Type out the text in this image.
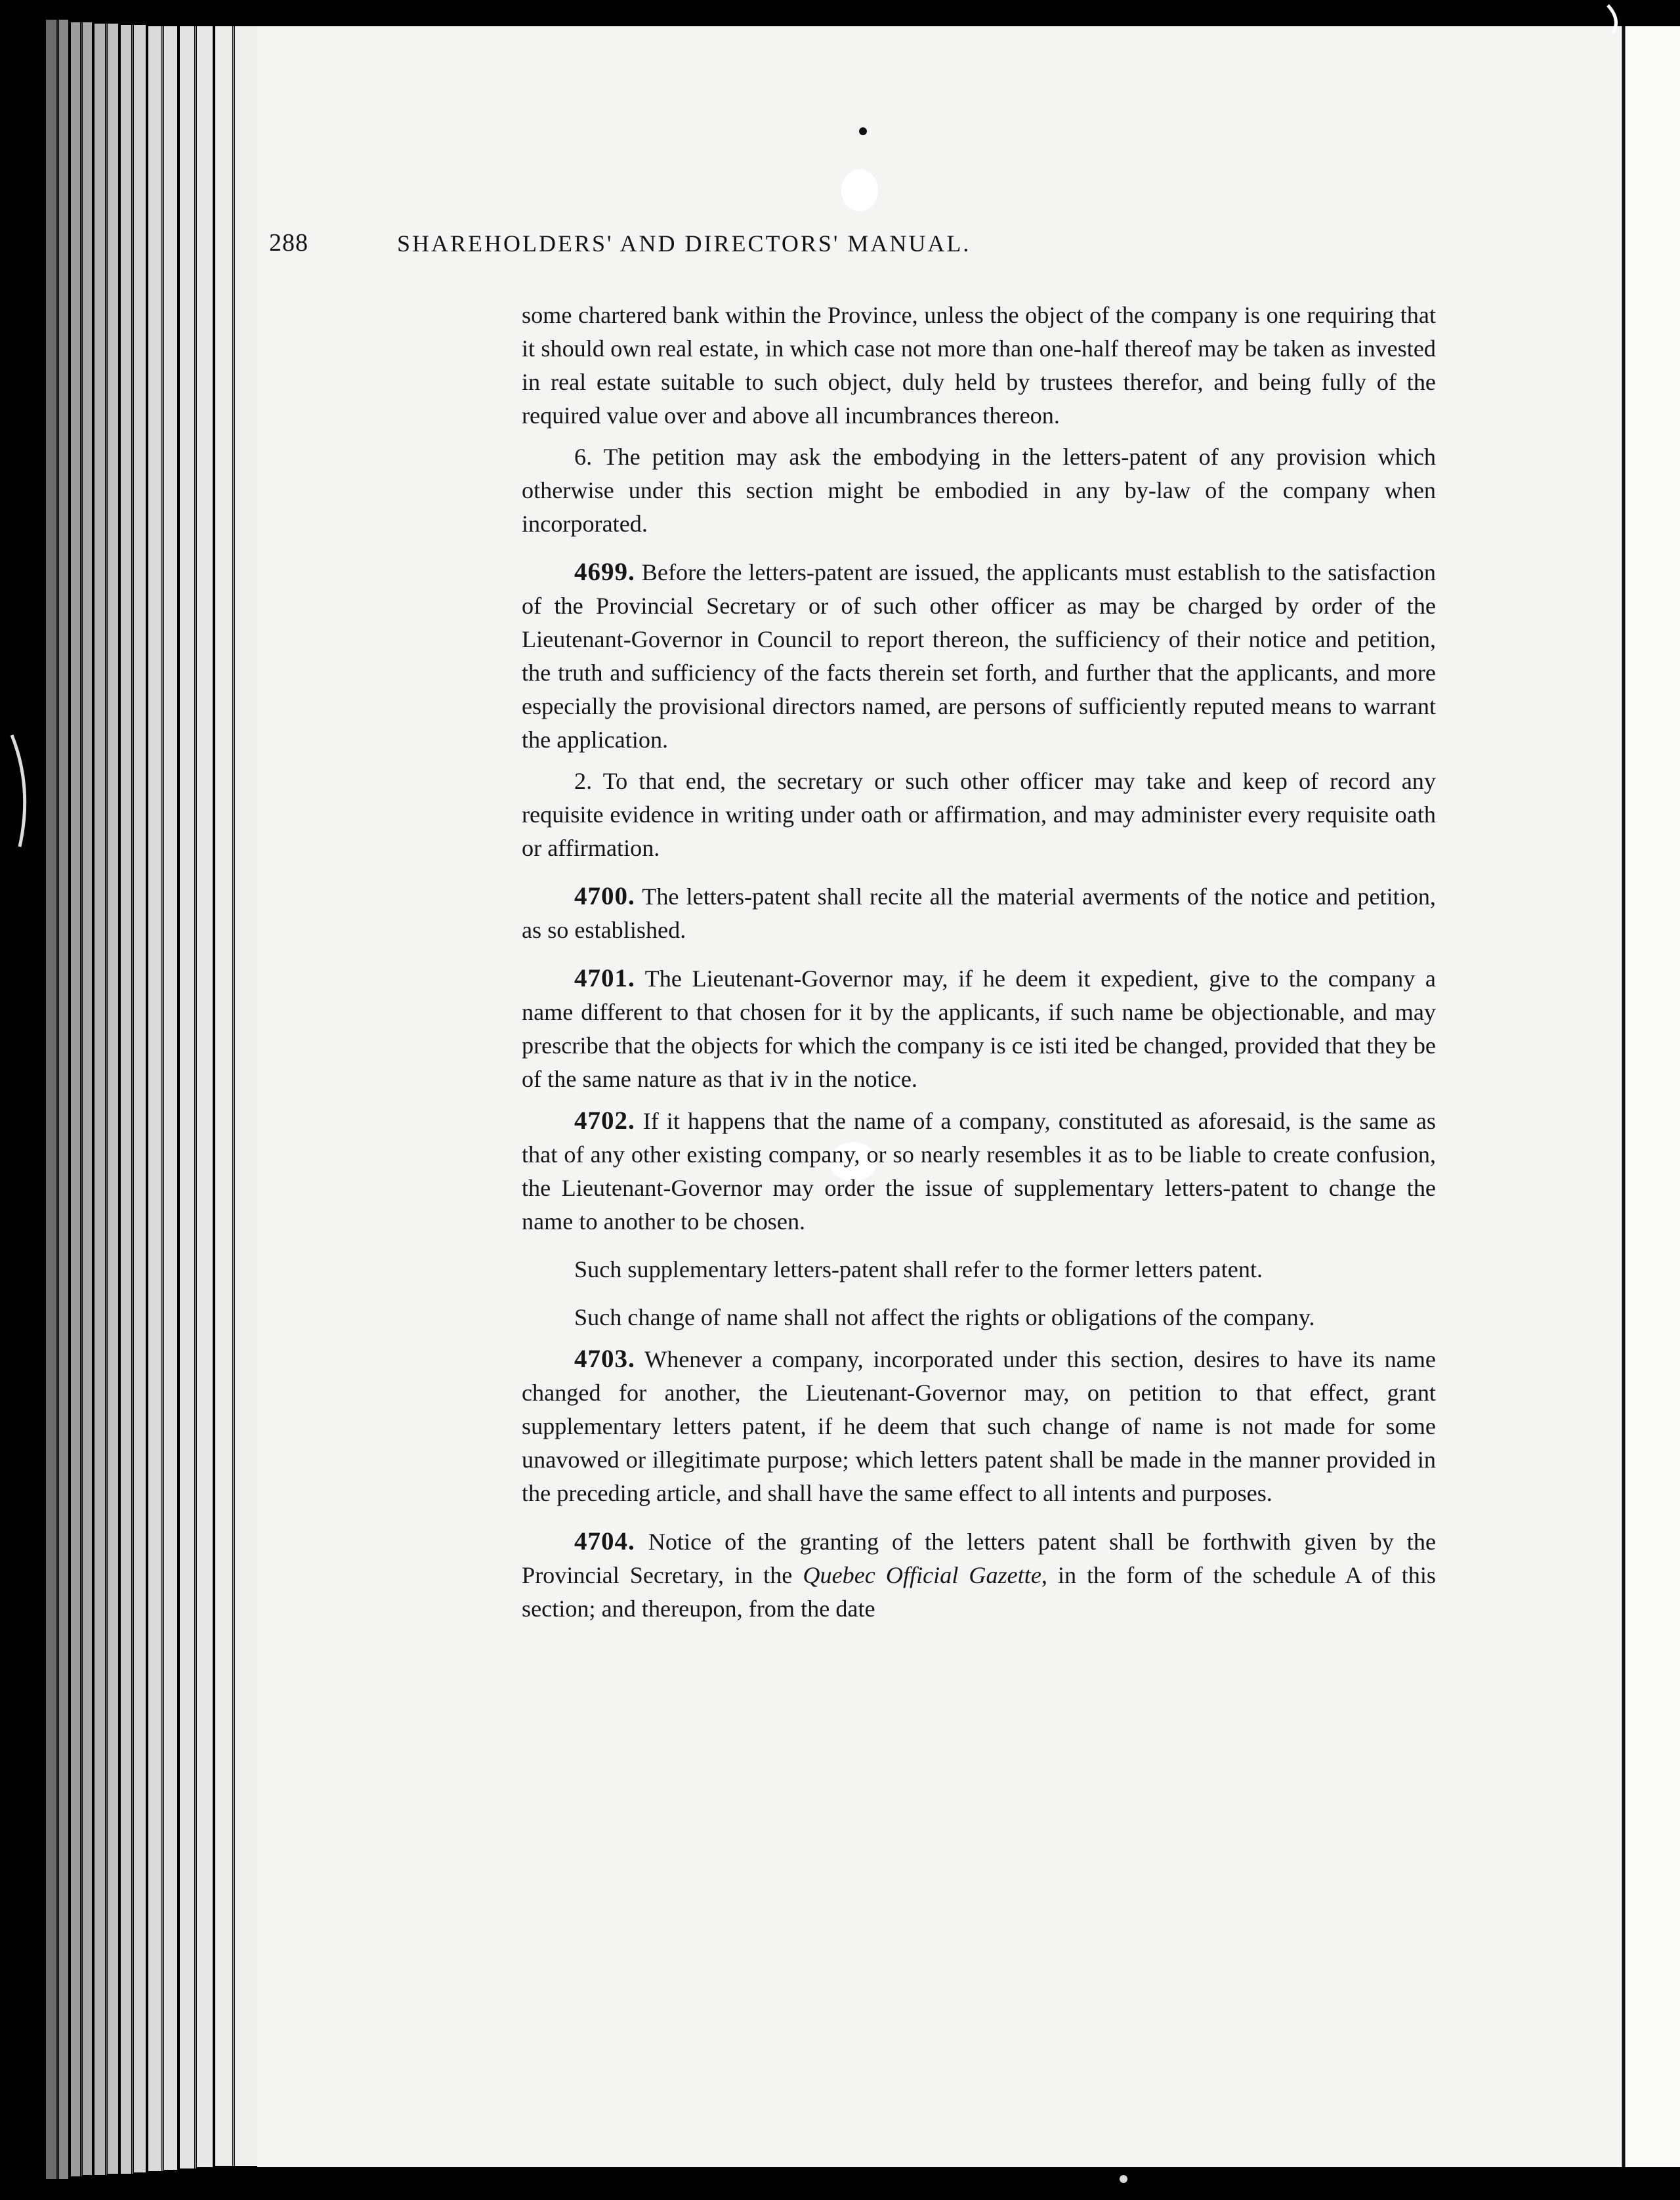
288	SHAREHOLDERS' AND DIRECTORS' MANUAL.

some chartered bank within the Province, unless the object of the company is one requiring that it should own real estate, in which case not more than one-half thereof may be taken as invested in real estate suitable to such object, duly held by trustees therefor, and being fully of the required value over and above all incumbrances thereon.

6. The petition may ask the embodying in the letters-patent of any provision which otherwise under this section might be embodied in any by-law of the company when incorporated.

4699. Before the letters-patent are issued, the applicants must establish to the satisfaction of the Provincial Secretary or of such other officer as may be charged by order of the Lieutenant-Governor in Council to report thereon, the sufficiency of their notice and petition, the truth and sufficiency of the facts therein set forth, and further that the applicants, and more especially the provisional directors named, are persons of sufficiently reputed means to warrant the application.

2. To that end, the secretary or such other officer may take and keep of record any requisite evidence in writing under oath or affirmation, and may administer every requisite oath or affirmation.

4700. The letters-patent shall recite all the material averments of the notice and petition, as so established.

4701. The Lieutenant-Governor may, if he deem it expedient, give to the company a name different to that chosen for it by the applicants, if such name be objectionable, and may prescribe that the objects for which the company is ce isti ited be changed, provided that they be of the same nature as that iv in the notice.

4702. If it happens that the name of a company, constituted as aforesaid, is the same as that of any other existing company, or so nearly resembles it as to be liable to create confusion, the Lieutenant-Governor may order the issue of supplementary letters-patent to change the name to another to be chosen.

Such supplementary letters-patent shall refer to the former letters patent.

Such change of name shall not affect the rights or obligations of the company.

4703. Whenever a company, incorporated under this section, desires to have its name changed for another, the Lieutenant-Governor may, on petition to that effect, grant supplementary letters patent, if he deem that such change of name is not made for some unavowed or illegitimate purpose; which letters patent shall be made in the manner provided in the preceding article, and shall have the same effect to all intents and purposes.

4704. Notice of the granting of the letters patent shall be forthwith given by the Provincial Secretary, in the Quebec Official Gazette, in the form of the schedule A of this section; and thereupon, from the date
